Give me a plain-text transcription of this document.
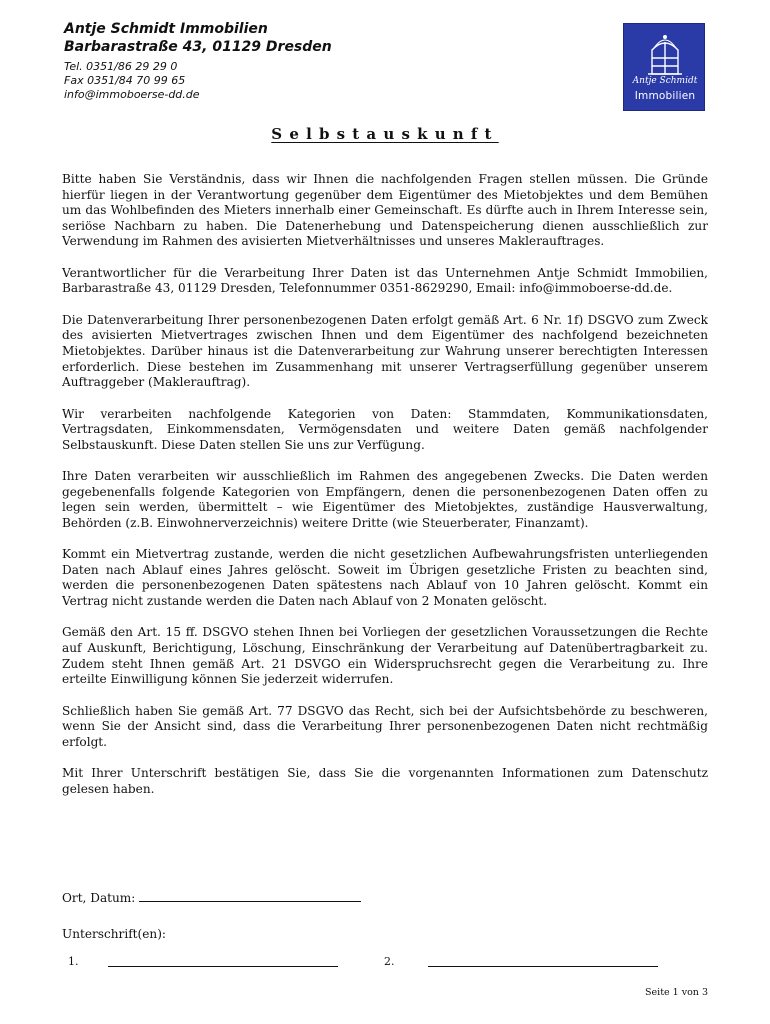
Antje Schmidt Immobilien
Barbarastraße 43, 01129 Dresden
Tel. 0351/86 29 29 0
Fax 0351/84 70 99 65
info@immoboerse-dd.de
Antje Schmidt
Immobilien
Selbstauskunft

Bitte haben Sie Verständnis, dass wir Ihnen die nachfolgenden Fragen stellen müssen. Die Gründe hierfür liegen in der Verantwortung gegenüber dem Eigentümer des Mietobjektes und dem Bemühen um das Wohlbefinden des Mieters innerhalb einer Gemeinschaft. Es dürfte auch in Ihrem Interesse sein, seriöse Nachbarn zu haben. Die Datenerhebung und Datenspeicherung dienen ausschließlich zur Verwendung im Rahmen des avisierten Mietverhältnisses und unseres Maklerauftrages.

Verantwortlicher für die Verarbeitung Ihrer Daten ist das Unternehmen Antje Schmidt Immobilien, Barbarastraße 43, 01129 Dresden, Telefonnummer 0351-8629290, Email: info@immoboerse-dd.de.

Die Datenverarbeitung Ihrer personenbezogenen Daten erfolgt gemäß Art. 6 Nr. 1f) DSGVO zum Zweck des avisierten Mietvertrages zwischen Ihnen und dem Eigentümer des nachfolgend bezeichneten Mietobjektes. Darüber hinaus ist die Datenverarbeitung zur Wahrung unserer berechtigten Interessen erforderlich. Diese bestehen im Zusammenhang mit unserer Vertragserfüllung gegenüber unserem Auftraggeber (Maklerauftrag).

Wir verarbeiten nachfolgende Kategorien von Daten: Stammdaten, Kommunikationsdaten, Vertragsdaten, Einkommensdaten, Vermögensdaten und weitere Daten gemäß nachfolgender Selbstauskunft. Diese Daten stellen Sie uns zur Verfügung.

Ihre Daten verarbeiten wir ausschließlich im Rahmen des angegebenen Zwecks. Die Daten werden gegebenenfalls folgende Kategorien von Empfängern, denen die personenbezogenen Daten offen zu legen sein werden, übermittelt – wie Eigentümer des Mietobjektes, zuständige Hausverwaltung, Behörden (z.B. Einwohnerverzeichnis) weitere Dritte (wie Steuerberater, Finanzamt).

Kommt ein Mietvertrag zustande, werden die nicht gesetzlichen Aufbewahrungsfristen unterliegenden Daten nach Ablauf eines Jahres gelöscht. Soweit im Übrigen gesetzliche Fristen zu beachten sind, werden die personenbezogenen Daten spätestens nach Ablauf von 10 Jahren gelöscht. Kommt ein Vertrag nicht zustande werden die Daten nach Ablauf von 2 Monaten gelöscht.

Gemäß den Art. 15 ff. DSGVO stehen Ihnen bei Vorliegen der gesetzlichen Voraussetzungen die Rechte auf Auskunft, Berichtigung, Löschung, Einschränkung der Verarbeitung auf Datenübertragbarkeit zu. Zudem steht Ihnen gemäß Art. 21 DSVGO ein Widerspruchsrecht gegen die Verarbeitung zu. Ihre erteilte Einwilligung können Sie jederzeit widerrufen.

Schließlich haben Sie gemäß Art. 77 DSGVO das Recht, sich bei der Aufsichtsbehörde zu beschweren, wenn Sie der Ansicht sind, dass die Verarbeitung Ihrer personenbezogenen Daten nicht rechtmäßig erfolgt.

Mit Ihrer Unterschrift bestätigen Sie, dass Sie die vorgenannten Informationen zum Datenschutz gelesen haben.

Ort, Datum:
Unterschrift(en):
1.	2.
Seite 1 von 3
